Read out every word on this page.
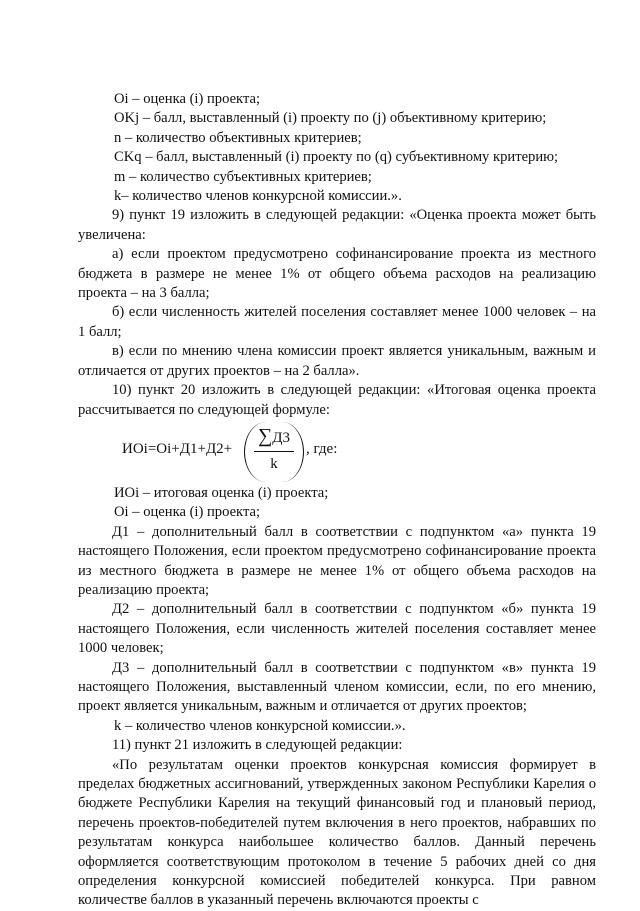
Oi – оценка (i) проекта;

OKj – балл, выставленный (i) проекту по (j) объективному критерию;

n – количество объективных критериев;

CKq – балл, выставленный (i) проекту по (q) субъективному критерию;

m – количество субъективных критериев;

k– количество членов конкурсной комиссии.».

9) пункт 19 изложить в следующей редакции: «Оценка проекта может быть увеличена:

а) если проектом предусмотрено софинансирование проекта из местного бюджета в размере не менее 1% от общего объема расходов на реализацию проекта – на 3 балла;

б) если численность жителей поселения составляет менее 1000 человек – на 1 балл;

в) если по мнению члена комиссии проект является уникальным, важным и отличается от других проектов – на 2 балла».

10) пункт 20 изложить в следующей редакции: «Итоговая оценка проекта рассчитывается по следующей формуле:

ИОi=Oi+Д1+Д2+
∑Д3
k
, где:

ИОi – итоговая оценка (i) проекта;

Oi – оценка (i) проекта;

Д1 – дополнительный балл в соответствии с подпунктом «а» пункта 19 настоящего Положения, если проектом предусмотрено софинансирование проекта из местного бюджета в размере не менее 1% от общего объема расходов на реализацию проекта;

Д2 – дополнительный балл в соответствии с подпунктом «б» пункта 19 настоящего Положения, если численность жителей поселения составляет менее 1000 человек;

Д3 – дополнительный балл в соответствии с подпунктом «в» пункта 19 настоящего Положения, выставленный членом комиссии, если, по его мнению, проект является уникальным, важным и отличается от других проектов;

k – количество членов конкурсной комиссии.».

11) пункт 21 изложить в следующей редакции:

«По результатам оценки проектов конкурсная комиссия формирует в пределах бюджетных ассигнований, утвержденных законом Республики Карелия о бюджете Республики Карелия на текущий финансовый год и плановый период, перечень проектов-победителей путем включения в него проектов, набравших по результатам конкурса наибольшее количество баллов. Данный перечень оформляется соответствующим протоколом в течение 5 рабочих дней со дня определения конкурсной комиссией победителей конкурса. При равном количестве баллов в указанный перечень включаются проекты с
